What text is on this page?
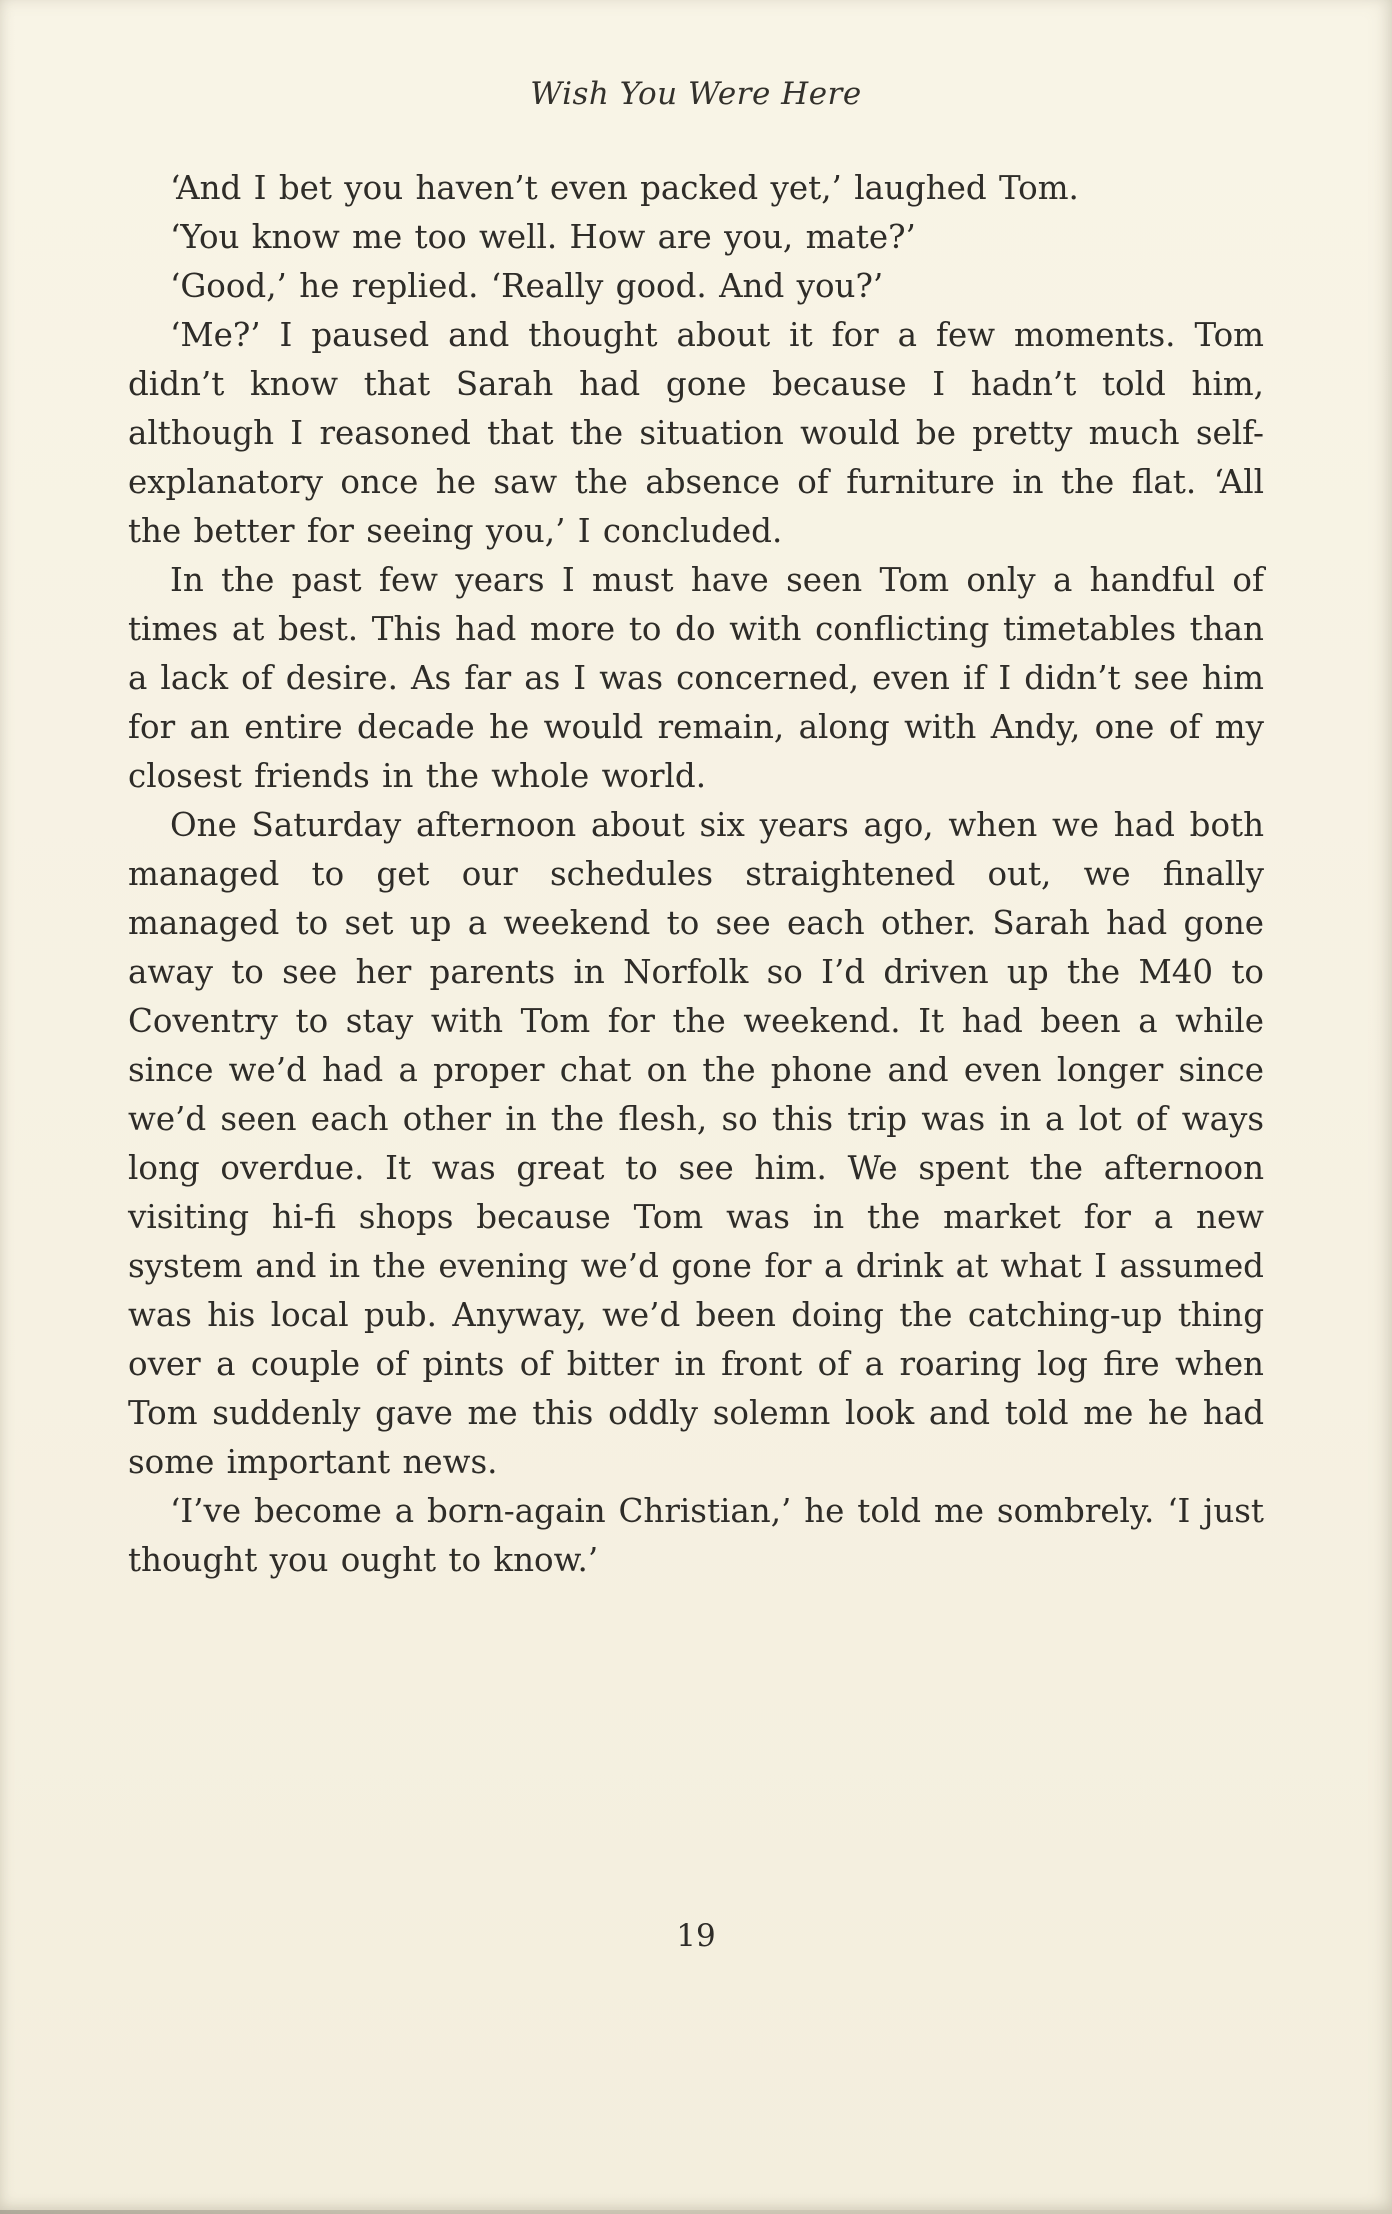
Wish You Were Here

‘And I bet you haven’t even packed yet,’ laughed Tom.

‘You know me too well. How are you, mate?’

‘Good,’ he replied. ‘Really good. And you?’

‘Me?’ I paused and thought about it for a few moments. Tom didn’t know that Sarah had gone because I hadn’t told him, although I reasoned that the situation would be pretty much self-explanatory once he saw the absence of furniture in the flat. ‘All the better for seeing you,’ I concluded.

In the past few years I must have seen Tom only a handful of times at best. This had more to do with conflicting timetables than a lack of desire. As far as I was concerned, even if I didn’t see him for an entire decade he would remain, along with Andy, one of my closest friends in the whole world.

One Saturday afternoon about six years ago, when we had both managed to get our schedules straightened out, we finally managed to set up a weekend to see each other. Sarah had gone away to see her parents in Norfolk so I’d driven up the M40 to Coventry to stay with Tom for the weekend. It had been a while since we’d had a proper chat on the phone and even longer since we’d seen each other in the flesh, so this trip was in a lot of ways long overdue. It was great to see him. We spent the afternoon visiting hi-fi shops because Tom was in the market for a new system and in the evening we’d gone for a drink at what I assumed was his local pub. Anyway, we’d been doing the catching-up thing over a couple of pints of bitter in front of a roaring log fire when Tom suddenly gave me this oddly solemn look and told me he had some important news.

‘I’ve become a born-again Christian,’ he told me sombrely. ‘I just thought you ought to know.’

19
